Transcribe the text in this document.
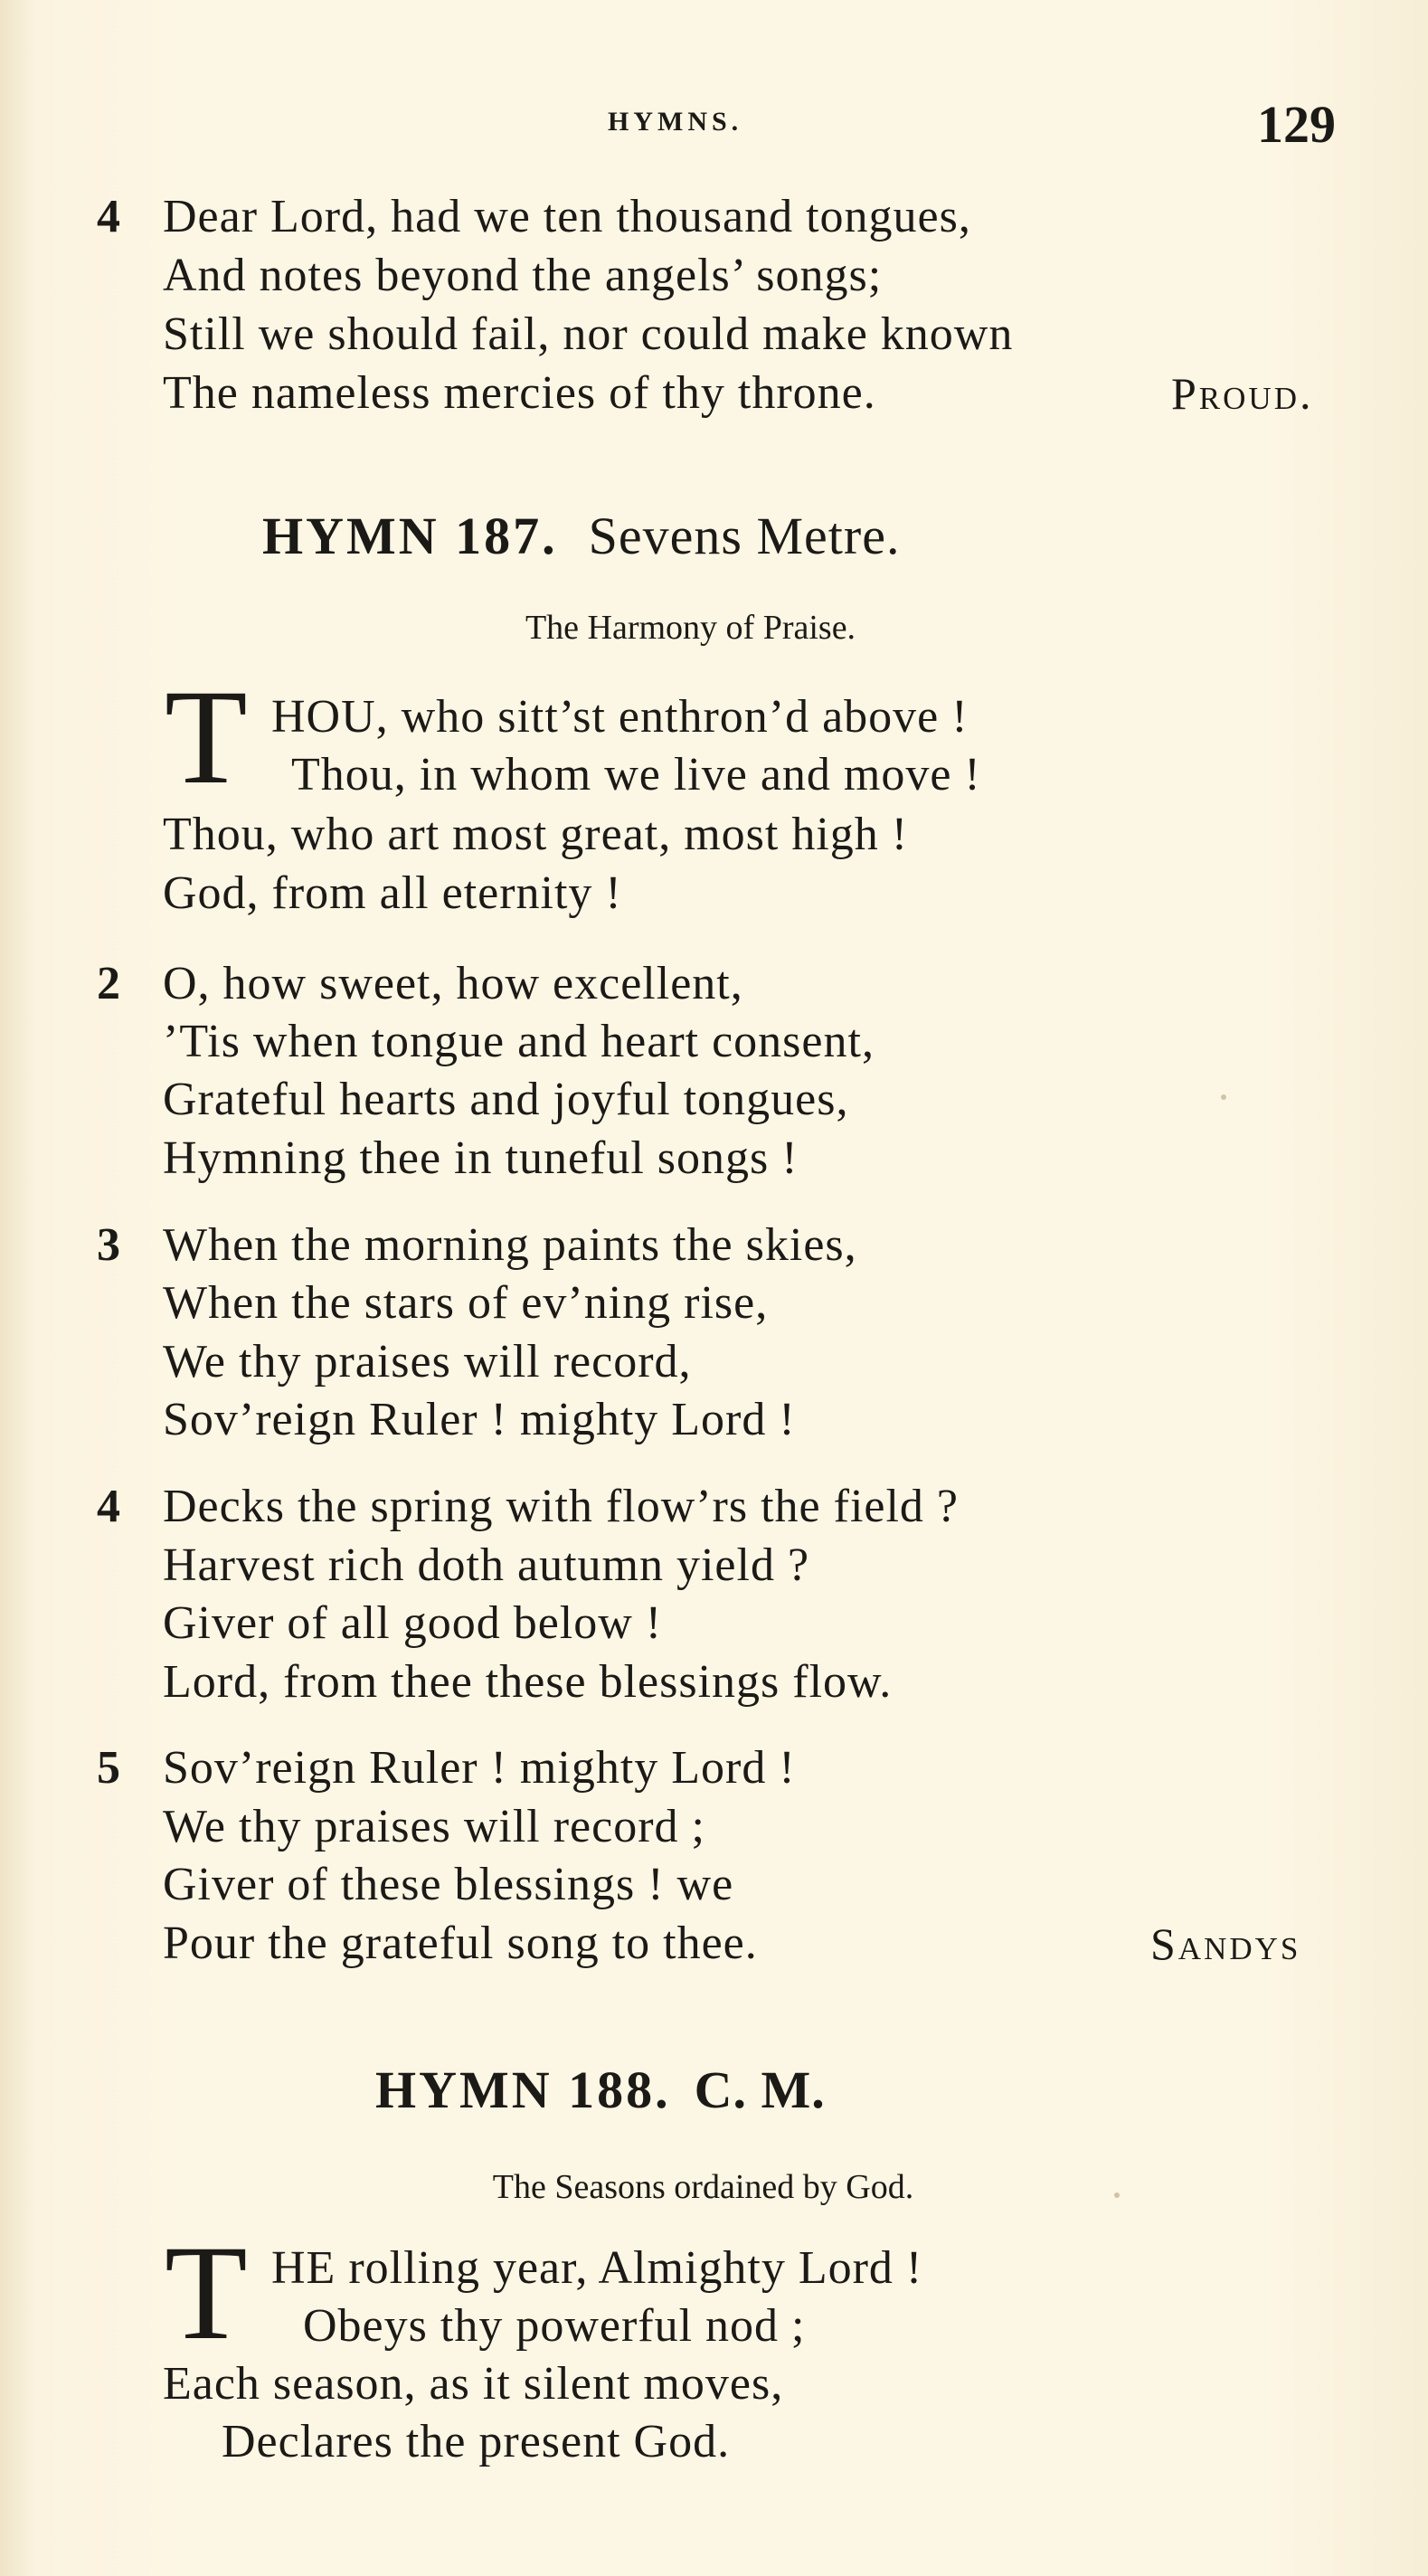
HYMNS.	129
4 Dear Lord, had we ten thousand tongues,
And notes beyond the angels’ songs;
Still we should fail, nor could make known
The nameless mercies of thy throne.	Proud.
HYMN 187. Sevens Metre.
The Harmony of Praise.
T HOU, who sitt’st enthron’d above !
Thou, in whom we live and move !
Thou, who art most great, most high !
God, from all eternity !
2 O, how sweet, how excellent,
’Tis when tongue and heart consent,
Grateful hearts and joyful tongues,
Hymning thee in tuneful songs !
3 When the morning paints the skies,
When the stars of ev’ning rise,
We thy praises will record,
Sov’reign Ruler ! mighty Lord !
4 Decks the spring with flow’rs the field ?
Harvest rich doth autumn yield ?
Giver of all good below !
Lord, from thee these blessings flow.
5 Sov’reign Ruler ! mighty Lord !
We thy praises will record ;
Giver of these blessings ! we
Pour the grateful song to thee.	Sandys
HYMN 188. C. M.
The Seasons ordained by God.
T HE rolling year, Almighty Lord !
Obeys thy powerful nod ;
Each season, as it silent moves,
Declares the present God.
